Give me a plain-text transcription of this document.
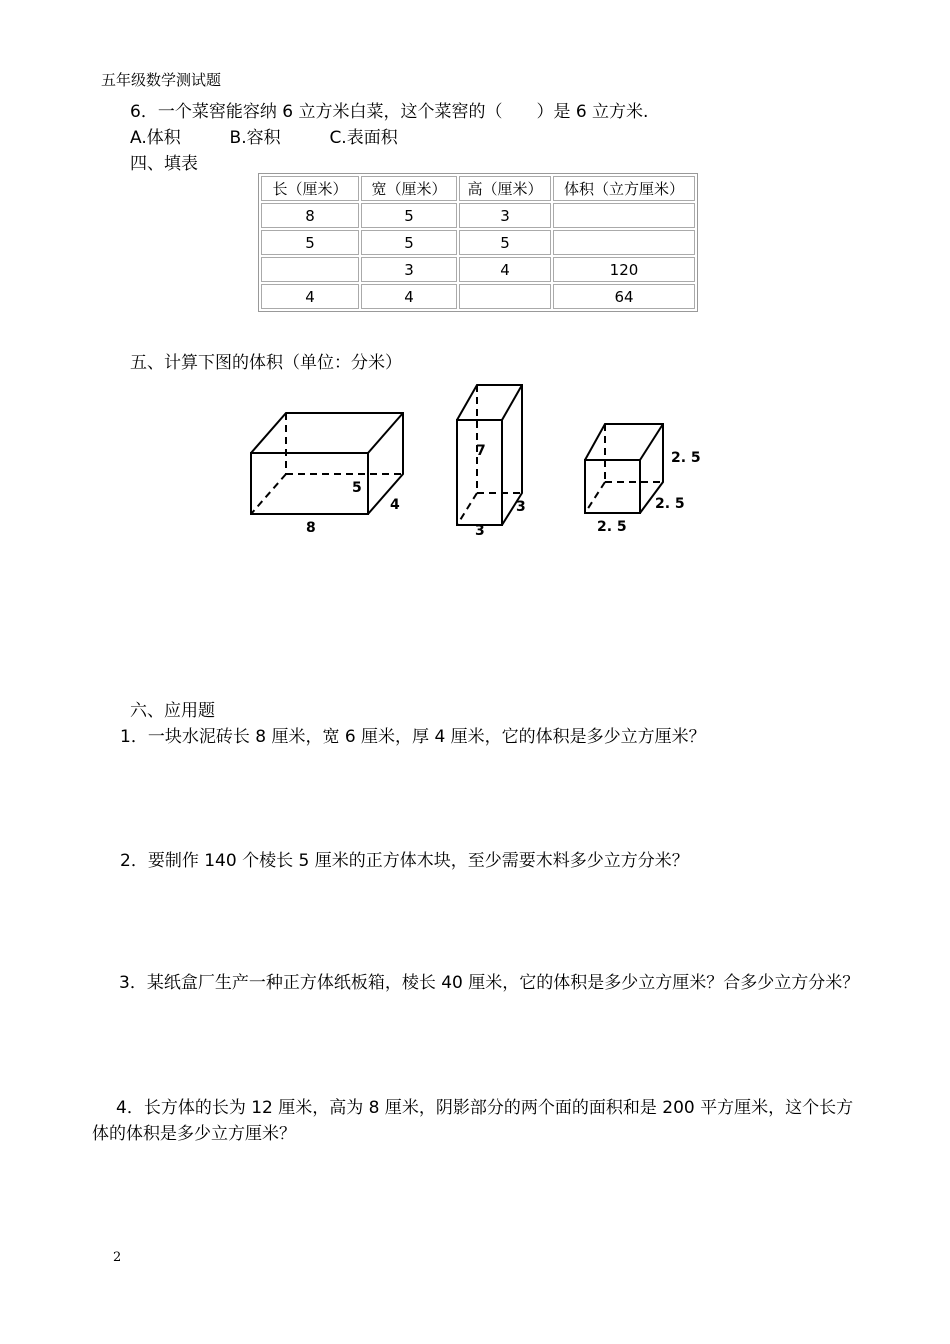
五年级数学测试题
6．一个菜窖能容纳 6 立方米白菜，这个菜窖的（　　）是 6 立方米.
A.体积	B.容积	C.表面积
四、填表
长（厘米）	宽（厘米）	高（厘米）	体积（立方厘米）
8	5	3	
5	5	5	
	3	4	120
4	4		64
五、计算下图的体积（单位：分米）
5
4
8
7
3
3
2. 5
2. 5
2. 5
六、应用题
1．一块水泥砖长 8 厘米，宽 6 厘米，厚 4 厘米，它的体积是多少立方厘米？
2．要制作 140 个棱长 5 厘米的正方体木块，至少需要木料多少立方分米？
3．某纸盒厂生产一种正方体纸板箱，棱长 40 厘米，它的体积是多少立方厘米？合多少立方分米？
4．长方体的长为 12 厘米，高为 8 厘米，阴影部分的两个面的面积和是 200 平方厘米，这个长方体的体积是多少立方厘米？
2
